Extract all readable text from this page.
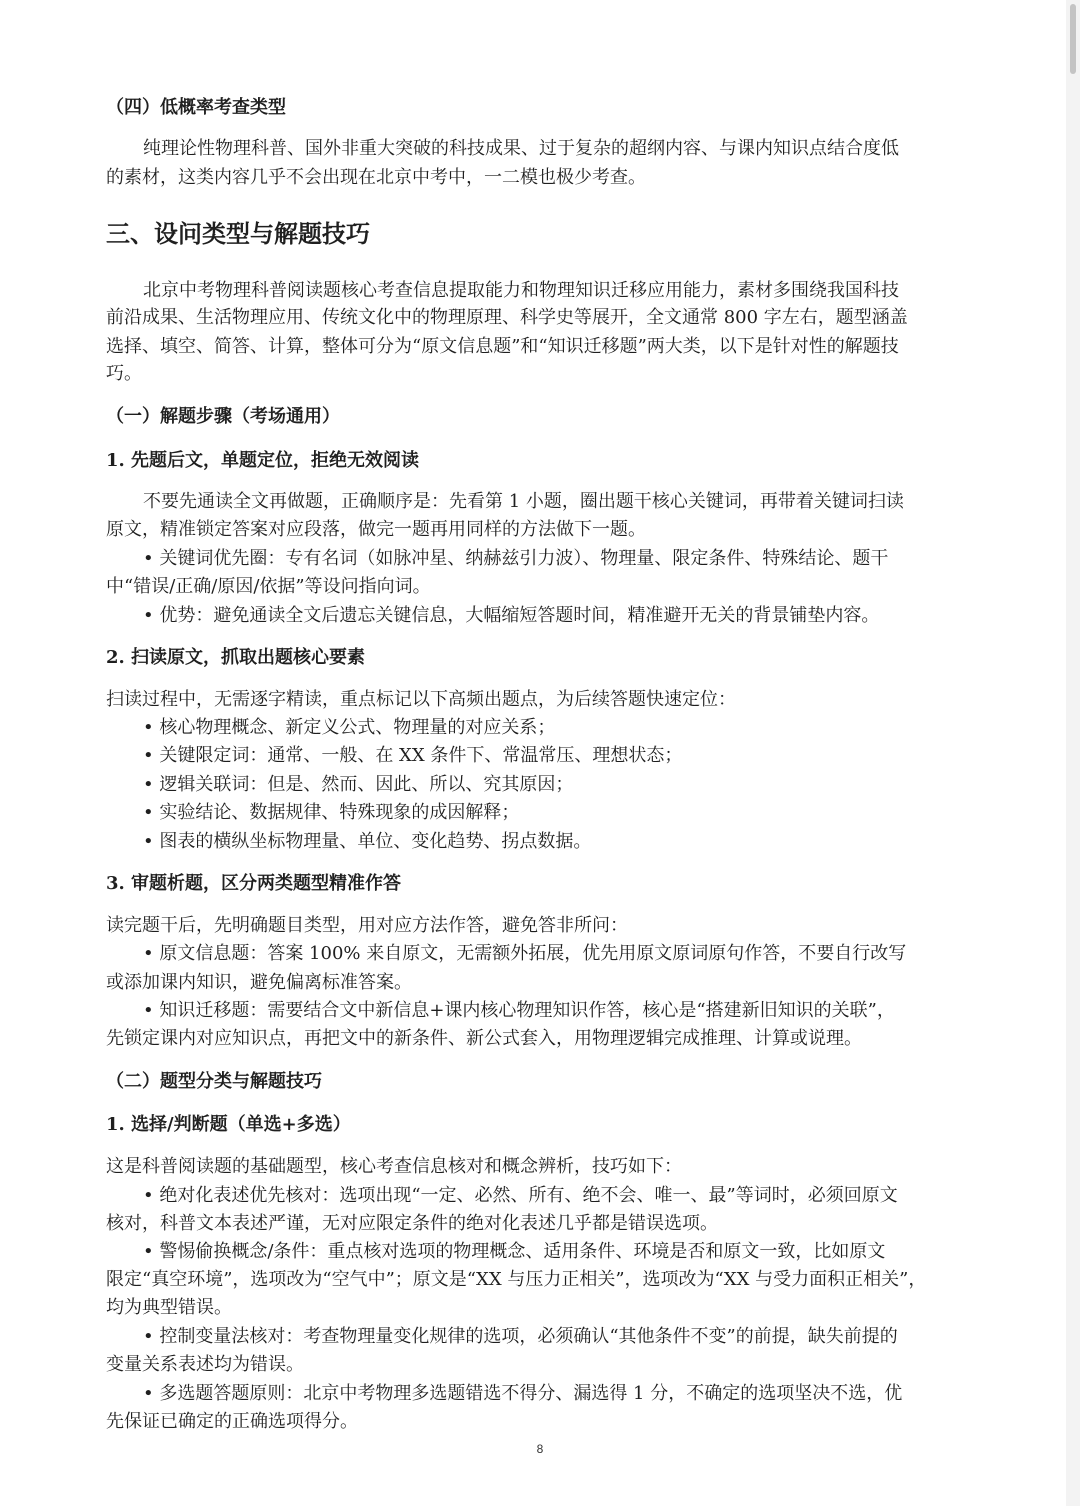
（四）低概率考查类型
纯理论性物理科普、国外非重大突破的科技成果、过于复杂的超纲内容、与课内知识点结合度低
的素材，这类内容几乎不会出现在北京中考中，一二模也极少考查。
三、设问类型与解题技巧
北京中考物理科普阅读题核心考查信息提取能力和物理知识迁移应用能力，素材多围绕我国科技
前沿成果、生活物理应用、传统文化中的物理原理、科学史等展开，全文通常 800 字左右，题型涵盖
选择、填空、简答、计算，整体可分为“原文信息题”和“知识迁移题”两大类，以下是针对性的解题技
巧。
（一）解题步骤（考场通用）
1. 先题后文，单题定位，拒绝无效阅读
不要先通读全文再做题，正确顺序是：先看第 1 小题，圈出题干核心关键词，再带着关键词扫读
原文，精准锁定答案对应段落，做完一题再用同样的方法做下一题。
• 关键词优先圈：专有名词（如脉冲星、纳赫兹引力波）、物理量、限定条件、特殊结论、题干
中“错误/正确/原因/依据”等设问指向词。
• 优势：避免通读全文后遗忘关键信息，大幅缩短答题时间，精准避开无关的背景铺垫内容。
2. 扫读原文，抓取出题核心要素
扫读过程中，无需逐字精读，重点标记以下高频出题点，为后续答题快速定位：
• 核心物理概念、新定义公式、物理量的对应关系；
• 关键限定词：通常、一般、在 XX 条件下、常温常压、理想状态；
• 逻辑关联词：但是、然而、因此、所以、究其原因；
• 实验结论、数据规律、特殊现象的成因解释；
• 图表的横纵坐标物理量、单位、变化趋势、拐点数据。
3. 审题析题，区分两类题型精准作答
读完题干后，先明确题目类型，用对应方法作答，避免答非所问：
• 原文信息题：答案 100% 来自原文，无需额外拓展，优先用原文原词原句作答，不要自行改写
或添加课内知识，避免偏离标准答案。
• 知识迁移题：需要结合文中新信息+课内核心物理知识作答，核心是“搭建新旧知识的关联”，
先锁定课内对应知识点，再把文中的新条件、新公式套入，用物理逻辑完成推理、计算或说理。
（二）题型分类与解题技巧
1. 选择/判断题（单选+多选）
这是科普阅读题的基础题型，核心考查信息核对和概念辨析，技巧如下：
• 绝对化表述优先核对：选项出现“一定、必然、所有、绝不会、唯一、最”等词时，必须回原文
核对，科普文本表述严谨，无对应限定条件的绝对化表述几乎都是错误选项。
• 警惕偷换概念/条件：重点核对选项的物理概念、适用条件、环境是否和原文一致，比如原文
限定“真空环境”，选项改为“空气中”；原文是“XX 与压力正相关”，选项改为“XX 与受力面积正相关”，
均为典型错误。
• 控制变量法核对：考查物理量变化规律的选项，必须确认“其他条件不变”的前提，缺失前提的
变量关系表述均为错误。
• 多选题答题原则：北京中考物理多选题错选不得分、漏选得 1 分，不确定的选项坚决不选，优
先保证已确定的正确选项得分。
8
